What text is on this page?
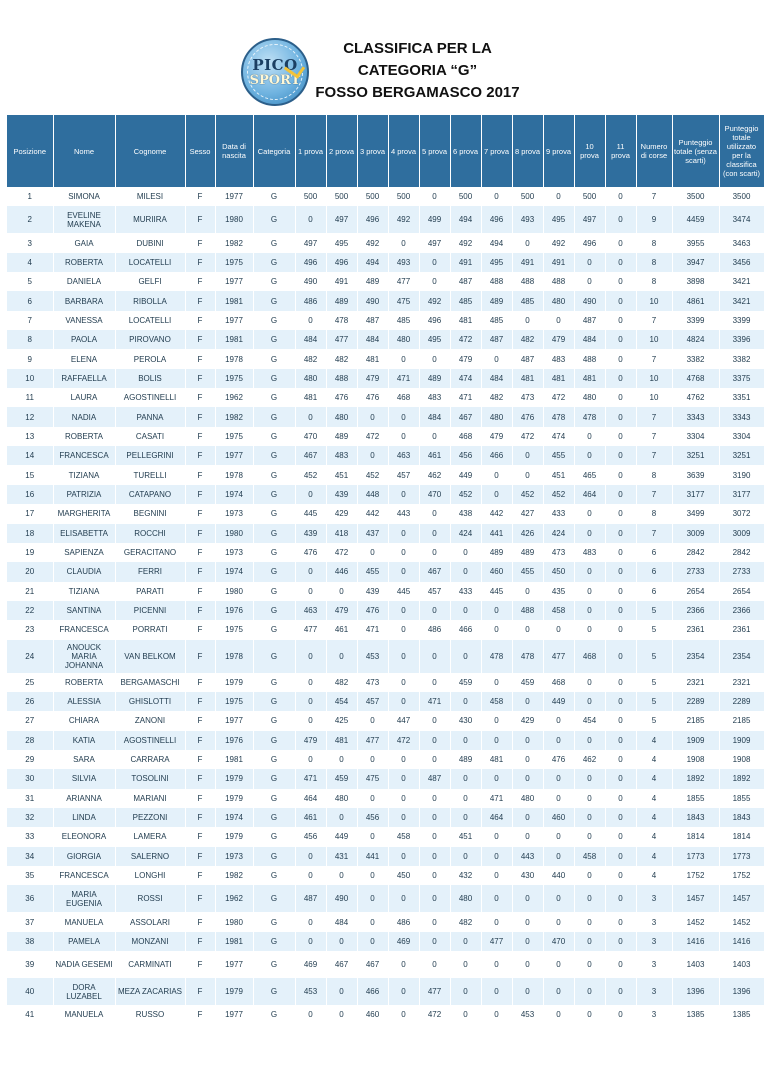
PICO
SPORT
CLASSIFICA PER LA
CATEGORIA “G”
FOSSO BERGAMASCO 2017
Posizione	Nome	Cognome	Sesso	Data di nascita	Categoria	1 prova	2 prova	3 prova	4 prova	5 prova	6 prova	7 prova	8 prova	9 prova	10 prova	11 prova	Numero di corse	Punteggio totale (senza scarti)	Punteggio totale utilizzato per la classifica (con scarti)
1	SIMONA	MILESI	F	1977	G	500	500	500	500	0	500	0	500	0	500	0	7	3500	3500
2	EVELINE MAKENA	MURIIRA	F	1980	G	0	497	496	492	499	494	496	493	495	497	0	9	4459	3474
3	GAIA	DUBINI	F	1982	G	497	495	492	0	497	492	494	0	492	496	0	8	3955	3463
4	ROBERTA	LOCATELLI	F	1975	G	496	496	494	493	0	491	495	491	491	0	0	8	3947	3456
5	DANIELA	GELFI	F	1977	G	490	491	489	477	0	487	488	488	488	0	0	8	3898	3421
6	BARBARA	RIBOLLA	F	1981	G	486	489	490	475	492	485	489	485	480	490	0	10	4861	3421
7	VANESSA	LOCATELLI	F	1977	G	0	478	487	485	496	481	485	0	0	487	0	7	3399	3399
8	PAOLA	PIROVANO	F	1981	G	484	477	484	480	495	472	487	482	479	484	0	10	4824	3396
9	ELENA	PEROLA	F	1978	G	482	482	481	0	0	479	0	487	483	488	0	7	3382	3382
10	RAFFAELLA	BOLIS	F	1975	G	480	488	479	471	489	474	484	481	481	481	0	10	4768	3375
11	LAURA	AGOSTINELLI	F	1962	G	481	476	476	468	483	471	482	473	472	480	0	10	4762	3351
12	NADIA	PANNA	F	1982	G	0	480	0	0	484	467	480	476	478	478	0	7	3343	3343
13	ROBERTA	CASATI	F	1975	G	470	489	472	0	0	468	479	472	474	0	0	7	3304	3304
14	FRANCESCA	PELLEGRINI	F	1977	G	467	483	0	463	461	456	466	0	455	0	0	7	3251	3251
15	TIZIANA	TURELLI	F	1978	G	452	451	452	457	462	449	0	0	451	465	0	8	3639	3190
16	PATRIZIA	CATAPANO	F	1974	G	0	439	448	0	470	452	0	452	452	464	0	7	3177	3177
17	MARGHERITA	BEGNINI	F	1973	G	445	429	442	443	0	438	442	427	433	0	0	8	3499	3072
18	ELISABETTA	ROCCHI	F	1980	G	439	418	437	0	0	424	441	426	424	0	0	7	3009	3009
19	SAPIENZA	GERACITANO	F	1973	G	476	472	0	0	0	0	489	489	473	483	0	6	2842	2842
20	CLAUDIA	FERRI	F	1974	G	0	446	455	0	467	0	460	455	450	0	0	6	2733	2733
21	TIZIANA	PARATI	F	1980	G	0	0	439	445	457	433	445	0	435	0	0	6	2654	2654
22	SANTINA	PICENNI	F	1976	G	463	479	476	0	0	0	0	488	458	0	0	5	2366	2366
23	FRANCESCA	PORRATI	F	1975	G	477	461	471	0	486	466	0	0	0	0	0	5	2361	2361
24	ANOUCK MARIA JOHANNA	VAN BELKOM	F	1978	G	0	0	453	0	0	0	478	478	477	468	0	5	2354	2354
25	ROBERTA	BERGAMASCHI	F	1979	G	0	482	473	0	0	459	0	459	468	0	0	5	2321	2321
26	ALESSIA	GHISLOTTI	F	1975	G	0	454	457	0	471	0	458	0	449	0	0	5	2289	2289
27	CHIARA	ZANONI	F	1977	G	0	425	0	447	0	430	0	429	0	454	0	5	2185	2185
28	KATIA	AGOSTINELLI	F	1976	G	479	481	477	472	0	0	0	0	0	0	0	4	1909	1909
29	SARA	CARRARA	F	1981	G	0	0	0	0	0	489	481	0	476	462	0	4	1908	1908
30	SILVIA	TOSOLINI	F	1979	G	471	459	475	0	487	0	0	0	0	0	0	4	1892	1892
31	ARIANNA	MARIANI	F	1979	G	464	480	0	0	0	0	471	480	0	0	0	4	1855	1855
32	LINDA	PEZZONI	F	1974	G	461	0	456	0	0	0	464	0	460	0	0	4	1843	1843
33	ELEONORA	LAMERA	F	1979	G	456	449	0	458	0	451	0	0	0	0	0	4	1814	1814
34	GIORGIA	SALERNO	F	1973	G	0	431	441	0	0	0	0	443	0	458	0	4	1773	1773
35	FRANCESCA	LONGHI	F	1982	G	0	0	0	450	0	432	0	430	440	0	0	4	1752	1752
36	MARIA EUGENIA	ROSSI	F	1962	G	487	490	0	0	0	480	0	0	0	0	0	3	1457	1457
37	MANUELA	ASSOLARI	F	1980	G	0	484	0	486	0	482	0	0	0	0	0	3	1452	1452
38	PAMELA	MONZANI	F	1981	G	0	0	0	469	0	0	477	0	470	0	0	3	1416	1416
39	NADIA GESEMI	CARMINATI	F	1977	G	469	467	467	0	0	0	0	0	0	0	0	3	1403	1403
40	DORA LUZABEL	MEZA ZACARIAS	F	1979	G	453	0	466	0	477	0	0	0	0	0	0	3	1396	1396
41	MANUELA	RUSSO	F	1977	G	0	0	460	0	472	0	0	453	0	0	0	3	1385	1385
